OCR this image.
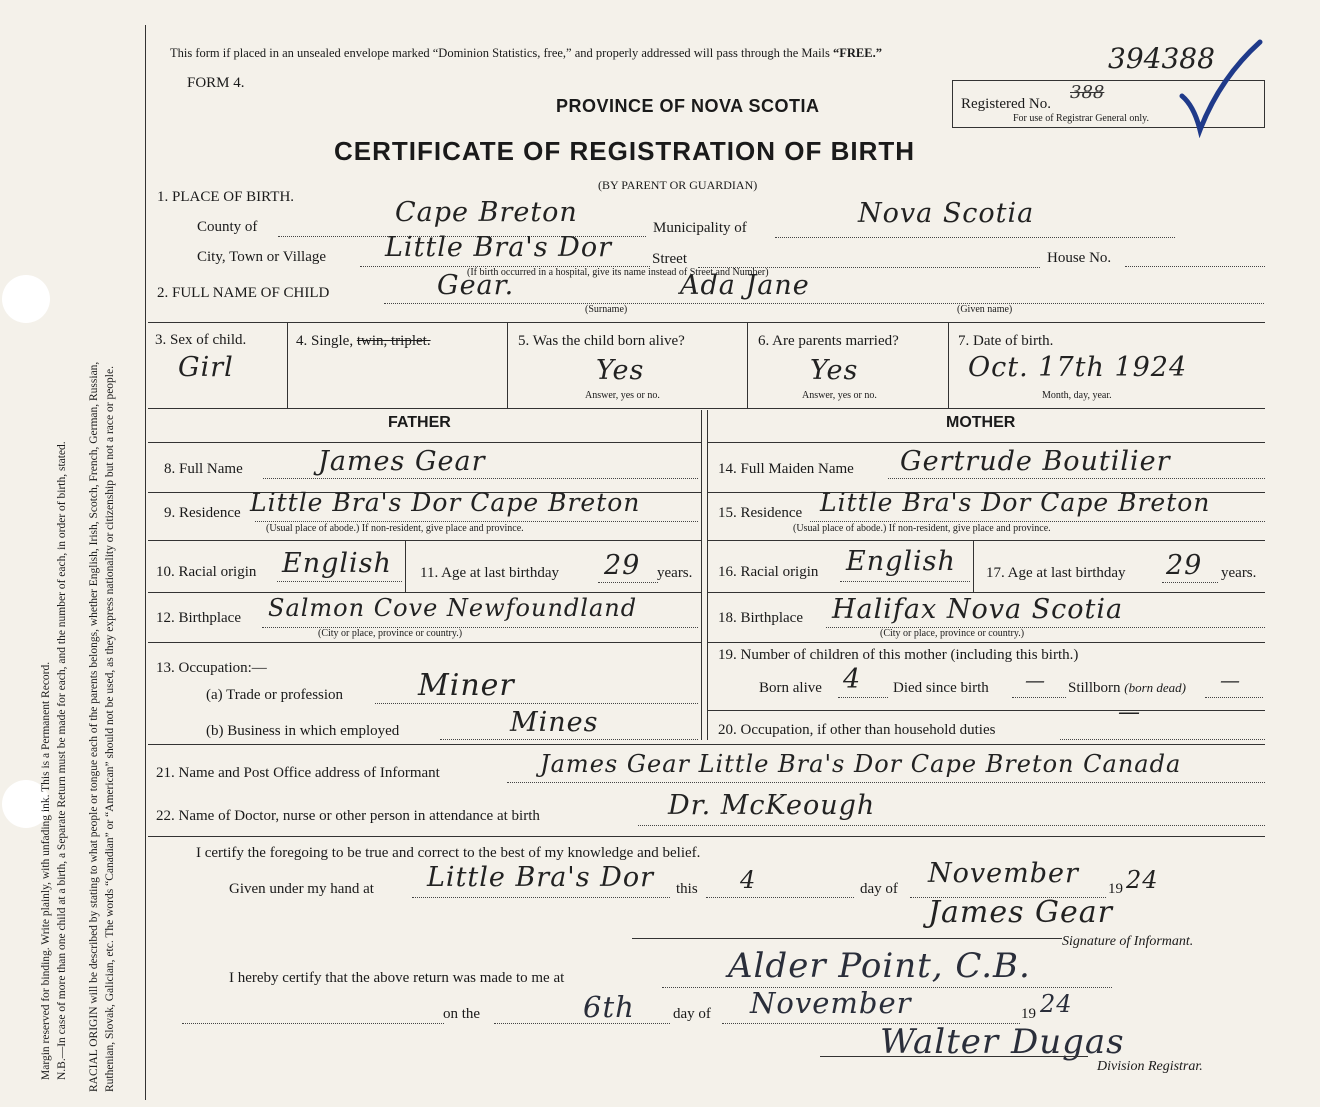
Margin reserved for binding. Write plainly, with unfading ink. This is a Permanent Record. N.B.—In case of more than one child at a birth, a Separate Return must be made for each, and the number of each, in order of birth, stated. RACIAL ORIGIN will be described by stating to what people or tongue each of the parents belongs, whether English, Irish, Scotch, French, German, Russian, Ruthenian, Slovak, Galician, etc. The words “Canadian” or “American” should not be used, as they express nationality or citizenship but not a race or people.
This form if placed in an unsealed envelope marked “Dominion Statistics, free,” and properly addressed will pass through the Mails “FREE.”
FORM 4.
PROVINCE OF NOVA SCOTIA
CERTIFICATE OF REGISTRATION OF BIRTH
(BY PARENT OR GUARDIAN)
Registered No.
388
394388
For use of Registrar General only.
1. PLACE OF BIRTH.
County of	Cape Breton	Municipality of	Nova Scotia
City, Town or Village Little Bra's Dor	Street	House No.
(If birth occurred in a hospital, give its name instead of Street and Number)
2. FULL NAME OF CHILD	Gear.	Ada Jane
(Surname)	(Given name)
3. Sex of child.
Girl
4. Single, twin, triplet.	5. Was the child born alive?
Yes
Answer, yes or no.
6. Are parents married?
Yes
Answer, yes or no.
7. Date of birth.
Oct. 17th 1924
Month, day, year.
FATHER	MOTHER
8. Full Name	James Gear
9. Residence Little Bra's Dor Cape Breton
(Usual place of abode.) If non-resident, give place and province.
10. Racial origin English 11. Age at last birthday 29 years.
12. Birthplace Salmon Cove Newfoundland
(City or place, province or country.)
13. Occupation:—
(a) Trade or profession Miner
(b) Business in which employed	Mines
14. Full Maiden Name Gertrude Boutilier
15. Residence Little Bra's Dor Cape Breton
(Usual place of abode.) If non-resident, give place and province.
16. Racial origin English 17. Age at last birthday 29 years.
18. Birthplace Halifax Nova Scotia
(City or place, province or country.)
19. Number of children of this mother (including this birth.)
Born alive 4 Died since birth — Stillborn (born dead) —
20. Occupation, if other than household duties
—
21. Name and Post Office address of Informant	James Gear Little Bra's Dor Cape Breton Canada
22. Name of Doctor, nurse or other person in attendance at birth	Dr. McKeough
I certify the foregoing to be true and correct to the best of my knowledge and belief.
Given under my hand at Little Bra's Dor this 4	day of November 19 24
James Gear
Signature of Informant.
I hereby certify that the above return was made to me at	Alder Point, C.B.
on the	6th	day of November	19 24
Walter Dugas
Division Registrar.
